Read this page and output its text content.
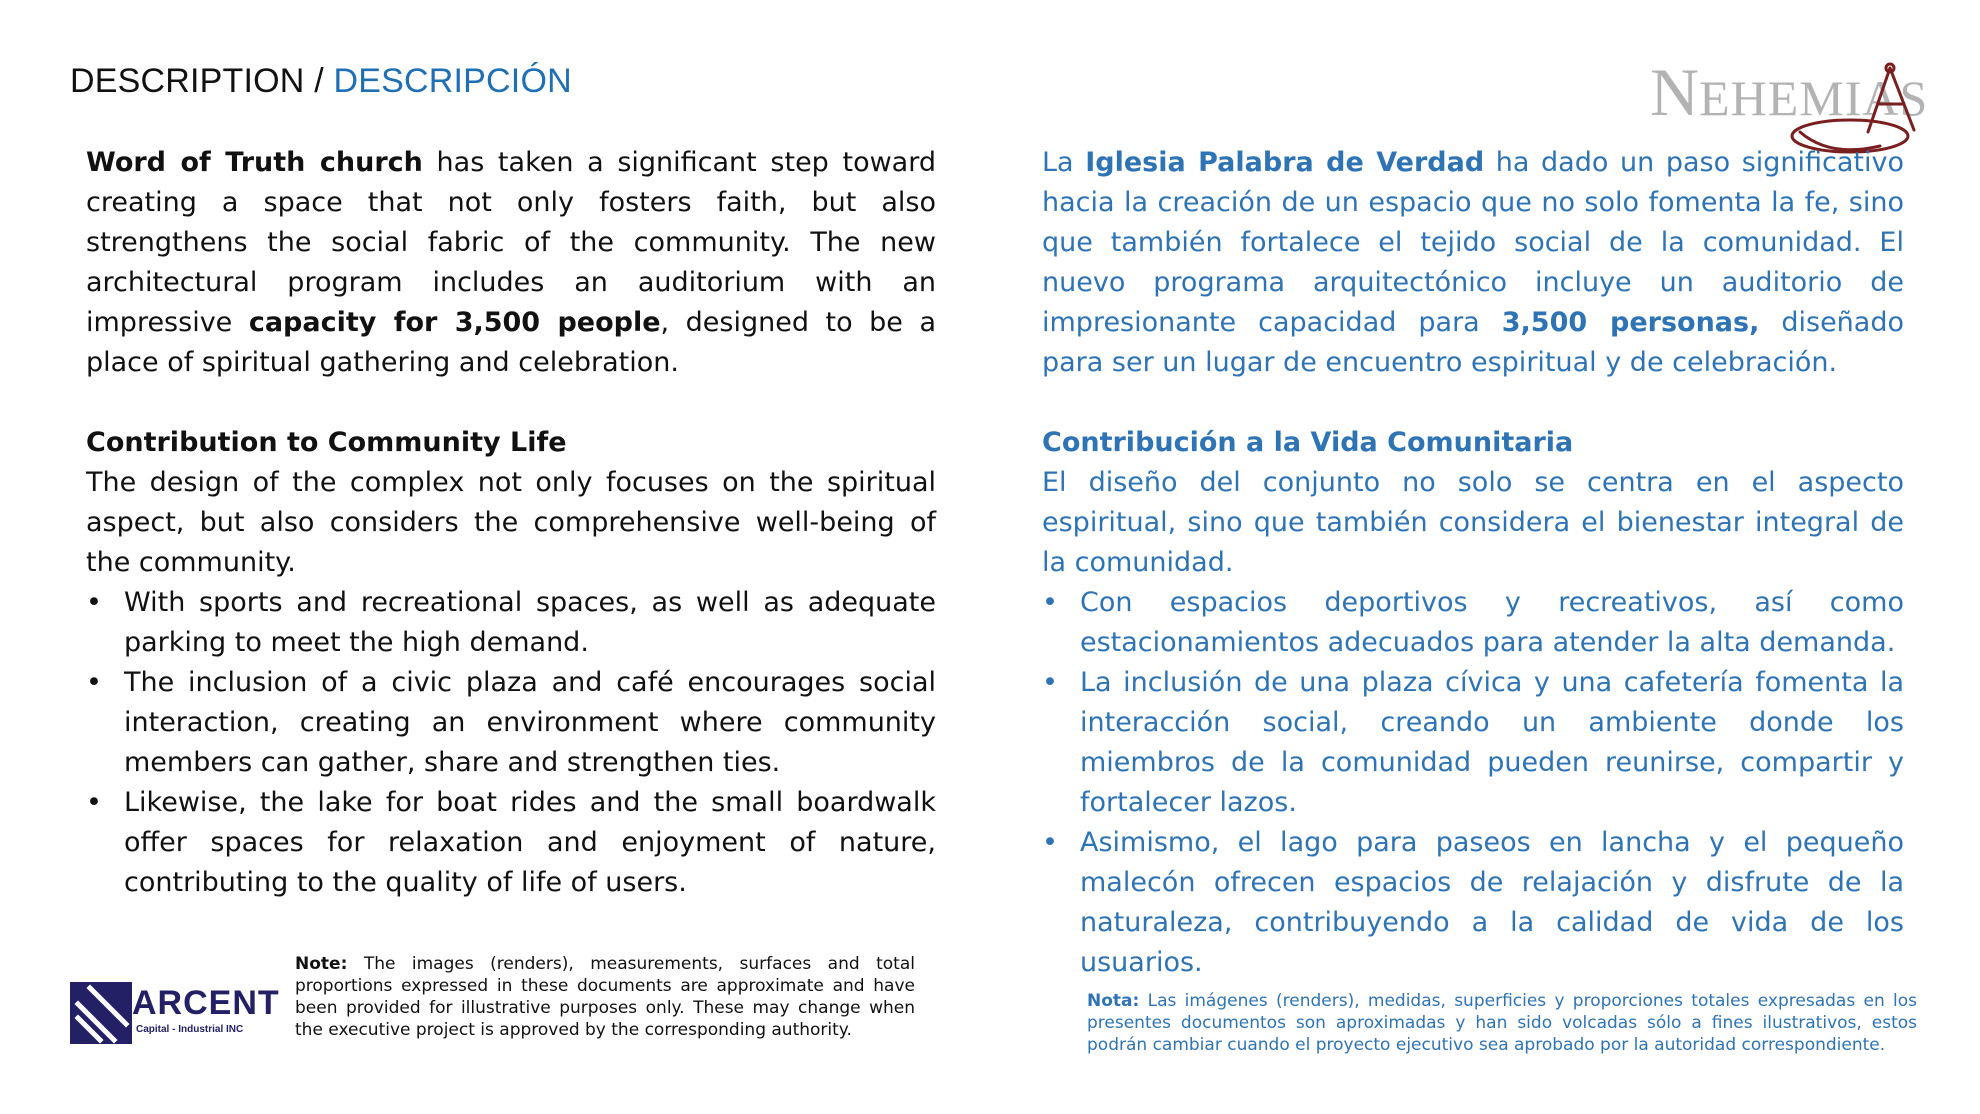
DESCRIPTION / DESCRIPCIÓN	NEHEMIAS

Word of Truth church has taken a significant step toward creating a space that not only fosters faith, but also strengthens the social fabric of the community. The new architectural program includes an auditorium with an impressive capacity for 3,500 people, designed to be a place of spiritual gathering and celebration.

Contribution to Community Life

The design of the complex not only focuses on the spiritual aspect, but also considers the comprehensive well-being of the community.

• With sports and recreational spaces, as well as adequate parking to meet the high demand.
• The inclusion of a civic plaza and café encourages social interaction, creating an environment where community members can gather, share and strengthen ties.
• Likewise, the lake for boat rides and the small boardwalk offer spaces for relaxation and enjoyment of nature, contributing to the quality of life of users.

La Iglesia Palabra de Verdad ha dado un paso significativo hacia la creación de un espacio que no solo fomenta la fe, sino que también fortalece el tejido social de la comunidad. El nuevo programa arquitectónico incluye un auditorio de impresionante capacidad para 3,500 personas, diseñado para ser un lugar de encuentro espiritual y de celebración.

Contribución a la Vida Comunitaria

El diseño del conjunto no solo se centra en el aspecto espiritual, sino que también considera el bienestar integral de la comunidad.

• Con espacios deportivos y recreativos, así como estacionamientos adecuados para atender la alta demanda.
• La inclusión de una plaza cívica y una cafetería fomenta la interacción social, creando un ambiente donde los miembros de la comunidad pueden reunirse, compartir y fortalecer lazos.
• Asimismo, el lago para paseos en lancha y el pequeño malecón ofrecen espacios de relajación y disfrute de la naturaleza, contribuyendo a la calidad de vida de los usuarios.
ARCENT
Capital - Industrial INC
Note: The images (renders), measurements, surfaces and total proportions expressed in these documents are approximate and have been provided for illustrative purposes only. These may change when the executive project is approved by the corresponding authority.
Nota: Las imágenes (renders), medidas, superficies y proporciones totales expresadas en los presentes documentos son aproximadas y han sido volcadas sólo a fines ilustrativos, estos podrán cambiar cuando el proyecto ejecutivo sea aprobado por la autoridad correspondiente.
